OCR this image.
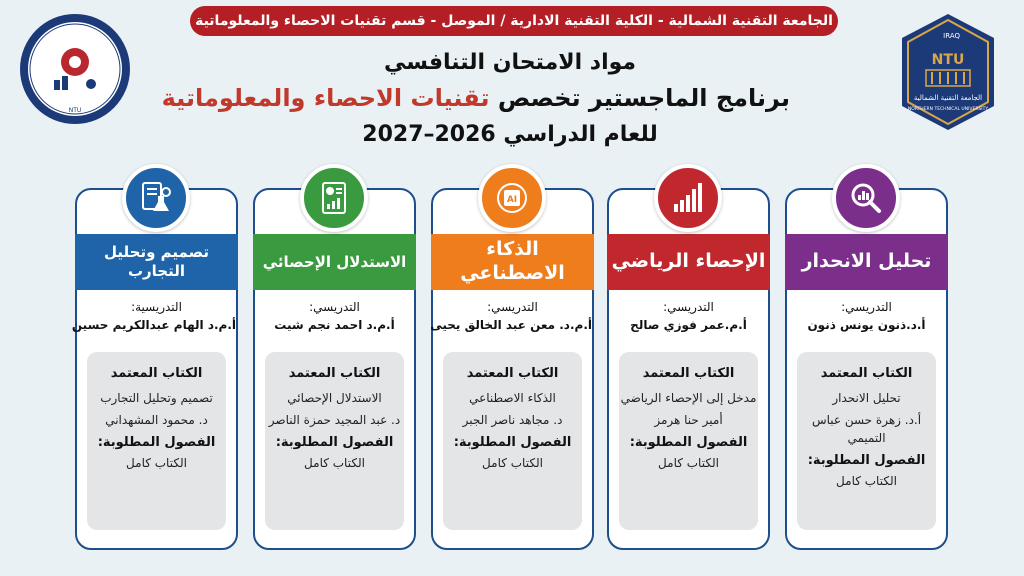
الجامعة التقنية الشمالية - الكلية التقنية الادارية / الموصل - قسم تقنيات الاحصاء والمعلوماتية
مواد الامتحان التنافسي
برنامج الماجستير تخصص تقنيات الاحصاء والمعلوماتية
للعام الدراسي 2026–2027
NTU
IRAQ
NTU
الجامعة التقنية الشمالية
NORTHERN TECHNICAL UNIVERSITY
تحليل الانحدار
التدريسي:
أ.د.ذنون يونس ذنون

الكتاب المعتمد

تحليل الانحدار

أ.د. زهرة حسن عباس التميمي

الفصول المطلوبة:

الكتاب كامل

الإحصاء الرياضي
التدريسي:
أ.م.عمر فوزي صالح

الكتاب المعتمد

مدخل إلى الإحصاء الرياضي

أمير حنا هرمز

الفصول المطلوبة:

الكتاب كامل

الذكاء الاصطناعي
التدريسي:
أ.م.د. معن عبد الخالق يحيى

الكتاب المعتمد

الذكاء الاصطناعي

د. مجاهد ناصر الجبر

الفصول المطلوبة:

الكتاب كامل

AI
الاستدلال الإحصائي
التدريسي:
أ.م.د احمد نجم شيت

الكتاب المعتمد

الاستدلال الإحصائي

د. عبد المجيد حمزة الناصر

الفصول المطلوبة:

الكتاب كامل

تصميم وتحليل التجارب
التدريسية:
أ.م.د الهام عبدالكريم حسين

الكتاب المعتمد

تصميم وتحليل التجارب

د. محمود المشهداني

الفصول المطلوبة:

الكتاب كامل
